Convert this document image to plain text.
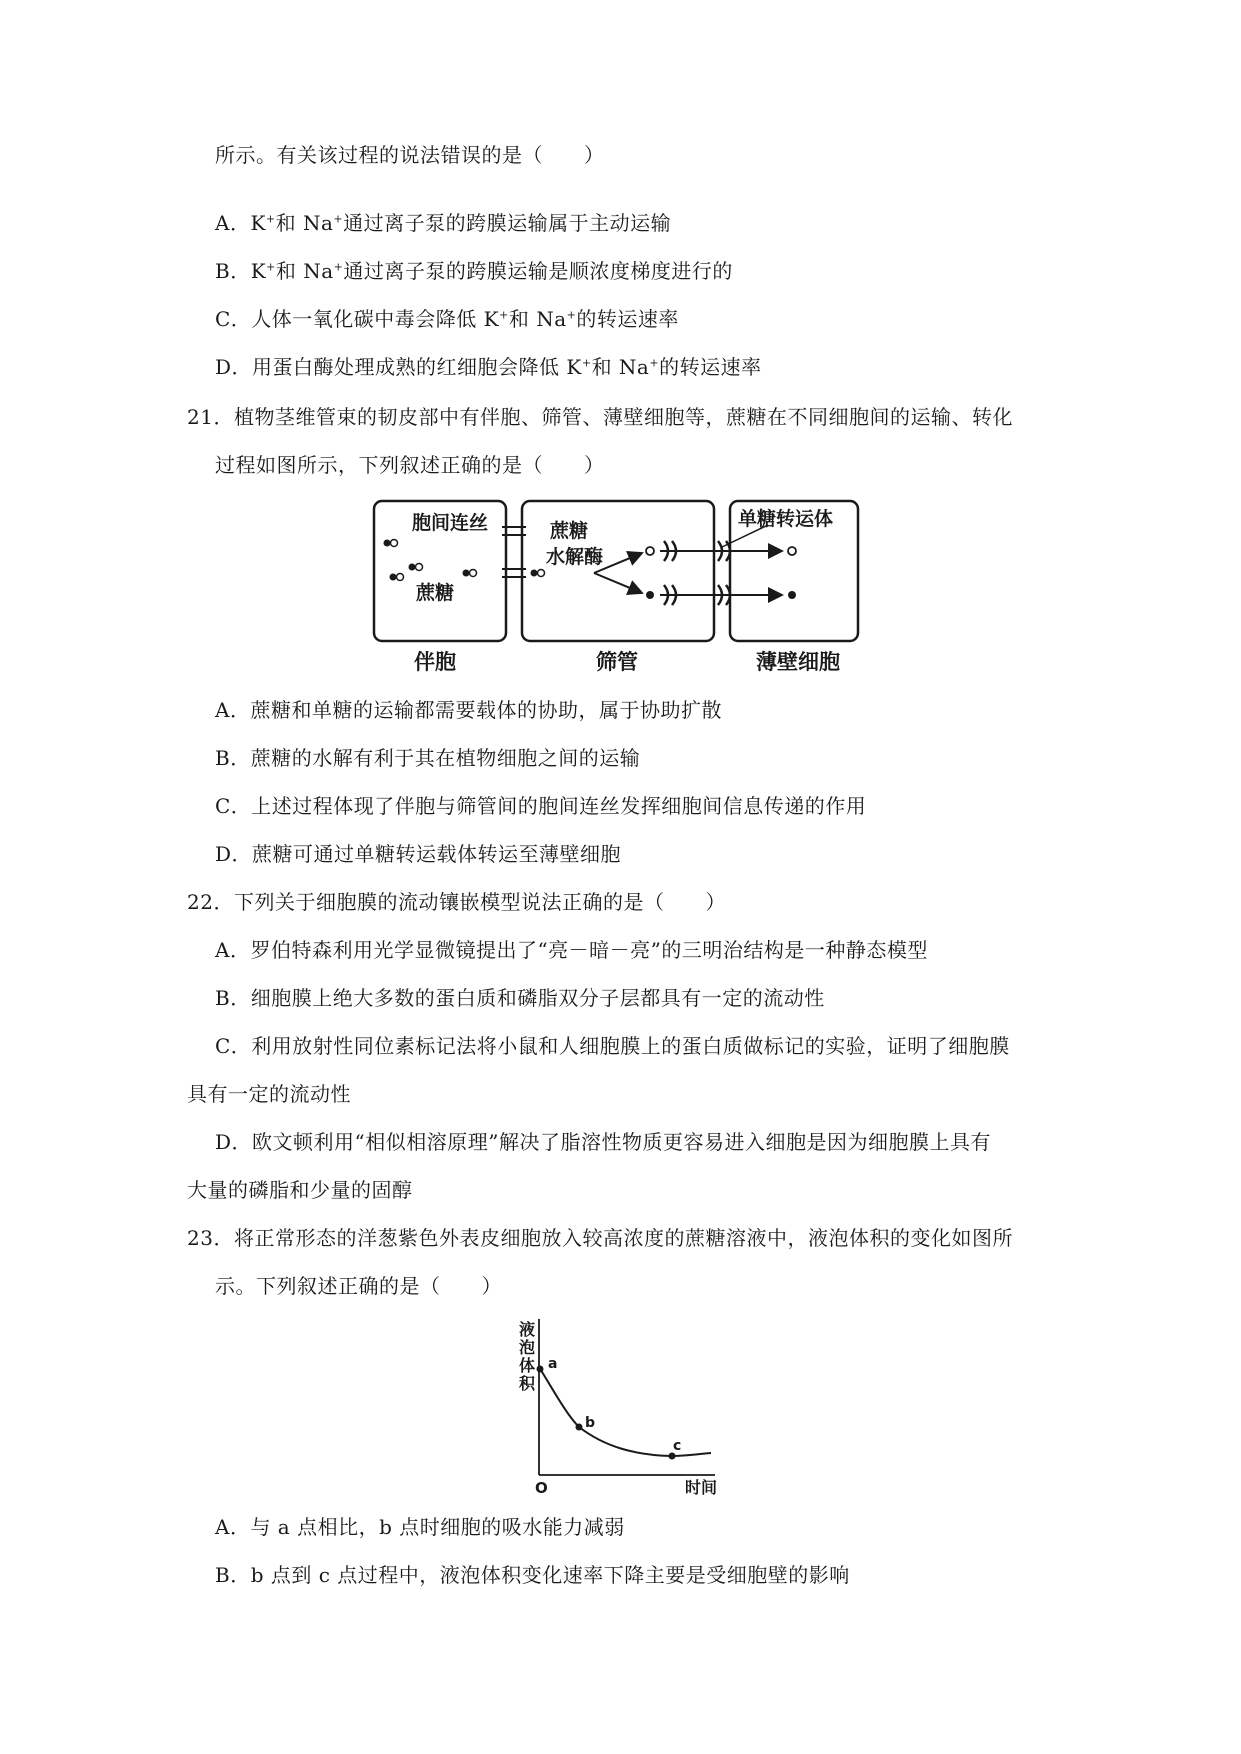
所示。有关该过程的说法错误的是（　　）
A．K+和 Na+通过离子泵的跨膜运输属于主动运输
B．K+和 Na+通过离子泵的跨膜运输是顺浓度梯度进行的
C．人体一氧化碳中毒会降低 K+和 Na+的转运速率
D．用蛋白酶处理成熟的红细胞会降低 K+和 Na+的转运速率
21．植物茎维管束的韧皮部中有伴胞、筛管、薄壁细胞等，蔗糖在不同细胞间的运输、转化
过程如图所示，下列叙述正确的是（　　）
胞间连丝
蔗糖
蔗糖
水解酶
单糖转运体
伴胞	筛管	薄壁细胞
A．蔗糖和单糖的运输都需要载体的协助，属于协助扩散
B．蔗糖的水解有利于其在植物细胞之间的运输
C．上述过程体现了伴胞与筛管间的胞间连丝发挥细胞间信息传递的作用
D．蔗糖可通过单糖转运载体转运至薄壁细胞
22．下列关于细胞膜的流动镶嵌模型说法正确的是（　　）
A．罗伯特森利用光学显微镜提出了“亮－暗－亮”的三明治结构是一种静态模型
B．细胞膜上绝大多数的蛋白质和磷脂双分子层都具有一定的流动性
C．利用放射性同位素标记法将小鼠和人细胞膜上的蛋白质做标记的实验，证明了细胞膜
具有一定的流动性
D．欧文顿利用“相似相溶原理”解决了脂溶性物质更容易进入细胞是因为细胞膜上具有
大量的磷脂和少量的固醇
23．将正常形态的洋葱紫色外表皮细胞放入较高浓度的蔗糖溶液中，液泡体积的变化如图所
示。下列叙述正确的是（　　）
液
泡
体
积
a
b
c
O	时间
A．与 a 点相比，b 点时细胞的吸水能力减弱
B．b 点到 c 点过程中，液泡体积变化速率下降主要是受细胞壁的影响
